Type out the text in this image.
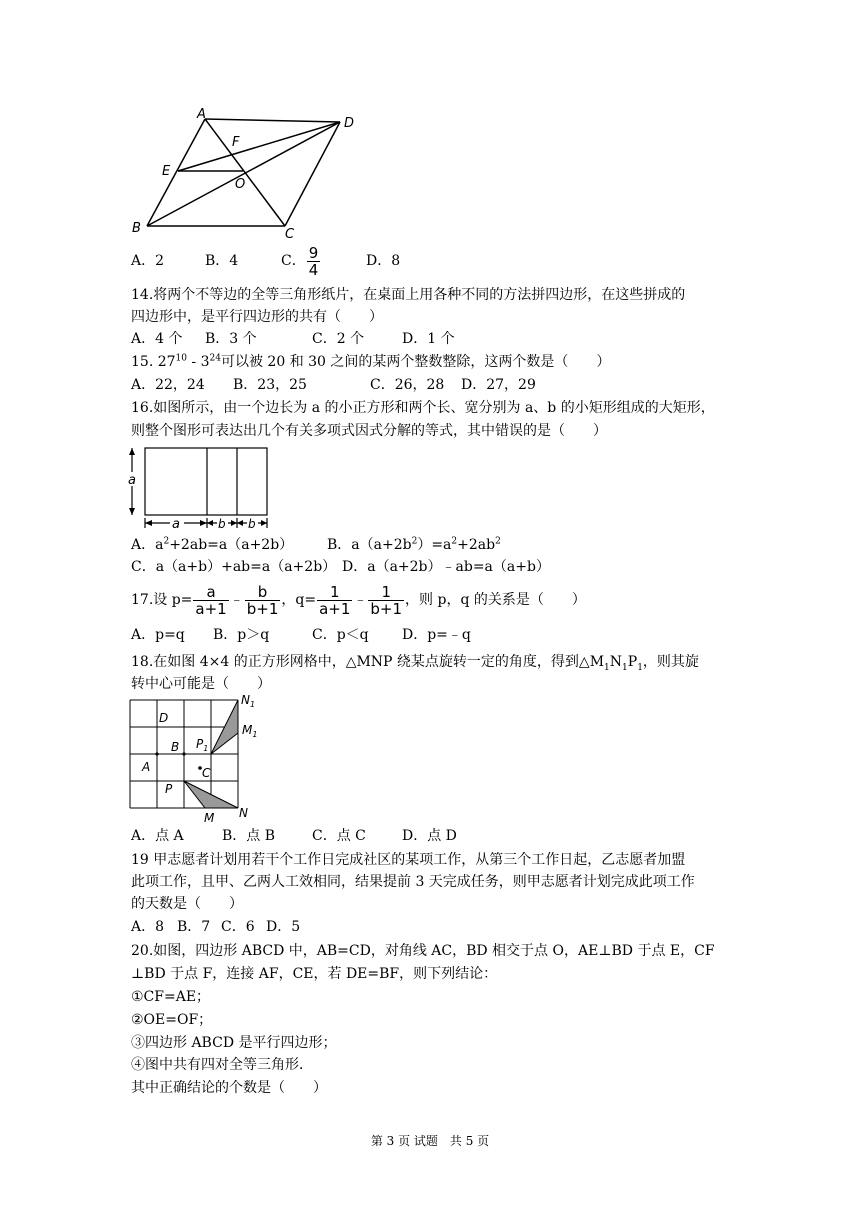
A
D
F
E
O
B	C
A．2	B．4	C． $\frac{9}{4}$	D．8
14.将两个不等边的全等三角形纸片，在桌面上用各种不同的方法拼四边形，在这些拼成的
四边形中，是平行四边形的共有（　　）
A．4 个 B．3 个	C．2 个	D．1 个
15. $27^{10} - 3^{24}$可以被 20 和 30 之间的某两个整数整除，这两个数是（　　）
A．22，24 B．23，25	C．26，28 D．27，29
16.如图所示，由一个边长为 a 的小正方形和两个长、宽分别为 a、b 的小矩形组成的大矩形，
则整个图形可表达出几个有关多项式因式分解的等式，其中错误的是（　　）
a
a	b b
A．$a^2+2ab=a(a+2b)$ B．$a(a+2b^2)=a^2+2ab^2$
C．a（a+b）+ab=a（a+2b） D．a（a+2b）﹣ab=a（a+b）
17.设 $p= \frac{a}{a+1}$ ﹣ $\frac{b}{b+1}$ ，$q= \frac{1}{a+1}$ ﹣ $\frac{1}{b+1}$ ，则 p，q 的关系是（　　）
A．p=q B．p＞q	C．p＜q D．p=﹣q
18.在如图 4×4 的正方形网格中，△MNP 绕某点旋转一定的角度，得到$\triangle M_1N_1P_1$，则其旋
转中心可能是（　　）
$N_1$
$M_1$
D
B $P_1$
A	C
P
M N
A．点 A	B．点 B	C．点 C	D．点 D
19 甲志愿者计划用若干个工作日完成社区的某项工作，从第三个工作日起，乙志愿者加盟
此项工作，且甲、乙两人工效相同，结果提前 3 天完成任务，则甲志愿者计划完成此项工作
的天数是（　　）
A．8 B．7 C．6 D．5
20.如图，四边形 ABCD 中，AB=CD，对角线 AC，BD 相交于点 O，AE⊥BD 于点 E，CF
⊥BD 于点 F，连接 AF，CE，若 DE=BF，则下列结论：
①CF=AE；
②OE=OF；
③四边形 ABCD 是平行四边形；
④图中共有四对全等三角形．
其中正确结论的个数是（　　）
第 3 页 试题　共 5 页
